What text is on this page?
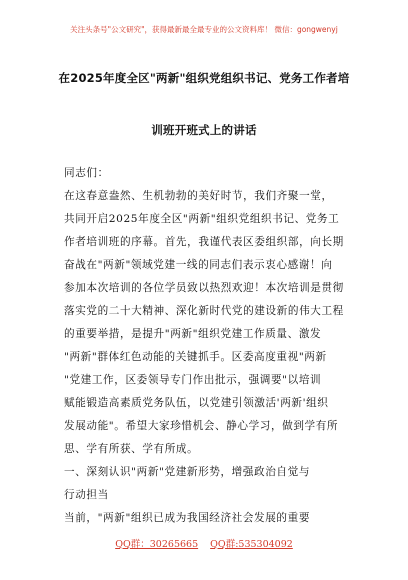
关注头条号"公文研究"，获得最新最全最专业的公文资料库！ 微信：gongwenyj
在2025年度全区"两新"组织党组织书记、党务工作者培
训班开班式上的讲话

同志们：

在这春意盎然、生机勃勃的美好时节，我们齐聚一堂，

共同开启2025年度全区"两新"组织党组织书记、党务工

作者培训班的序幕。首先，我谨代表区委组织部，向长期

奋战在"两新"领域党建一线的同志们表示衷心感谢！向

参加本次培训的各位学员致以热烈欢迎！本次培训是贯彻

落实党的二十大精神、深化新时代党的建设新的伟大工程

的重要举措，是提升"两新"组织党建工作质量、激发

"两新"群体红色动能的关键抓手。区委高度重视"两新

"党建工作，区委领导专门作出批示，强调要"以培训

赋能锻造高素质党务队伍，以党建引领激活'两新'组织

发展动能"。希望大家珍惜机会、静心学习，做到学有所

思、学有所获、学有所成。

一、深刻认识"两新"党建新形势，增强政治自觉与

行动担当

当前，"两新"组织已成为我国经济社会发展的重要

QQ群：30265665 QQ群:535304092
